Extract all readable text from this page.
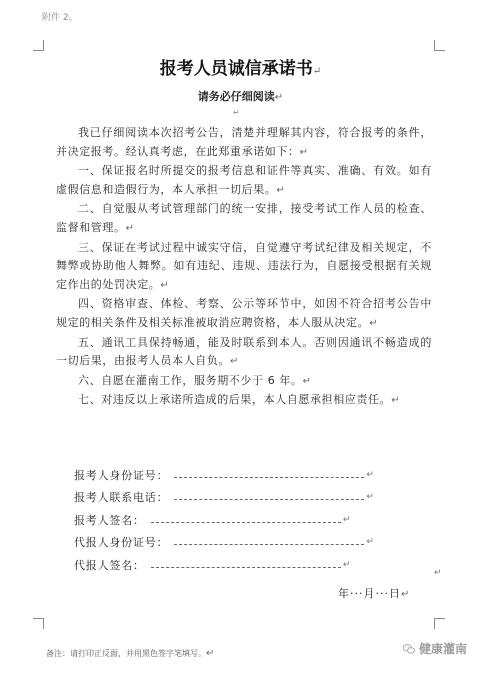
附件 2。
报考人员诚信承诺书↵
请务必仔细阅读↵
↵

我已仔细阅读本次招考公告，清楚并理解其内容，符合报考的条件，并决定报考。经认真考虑，在此郑重承诺如下：↵

一、保证报名时所提交的报考信息和证件等真实、准确、有效。如有虚假信息和造假行为，本人承担一切后果。↵

二、自觉服从考试管理部门的统一安排，接受考试工作人员的检查、监督和管理。↵

三、保证在考试过程中诚实守信，自觉遵守考试纪律及相关规定，不舞弊或协助他人舞弊。如有违纪、违规、违法行为，自愿接受根据有关规定作出的处罚决定。↵

四、资格审查、体检、考察、公示等环节中，如因不符合招考公告中规定的相关条件及相关标准被取消应聘资格，本人服从决定。↵

五、通讯工具保持畅通，能及时联系到本人。否则因通讯不畅造成的一切后果，由报考人员本人自负。↵

六、自愿在灌南工作，服务期不少于 6 年。↵

七、对违反以上承诺所造成的后果，本人自愿承担相应责任。↵

报考人身份证号：	↵
报考人联系电话：	↵
报考人签名：	↵
代报人身份证号：	↵
代报人签名：	↵
↵
年···月···日↵
备注：请打印正反面，并用黑色签字笔填写。↵	健康灌南
